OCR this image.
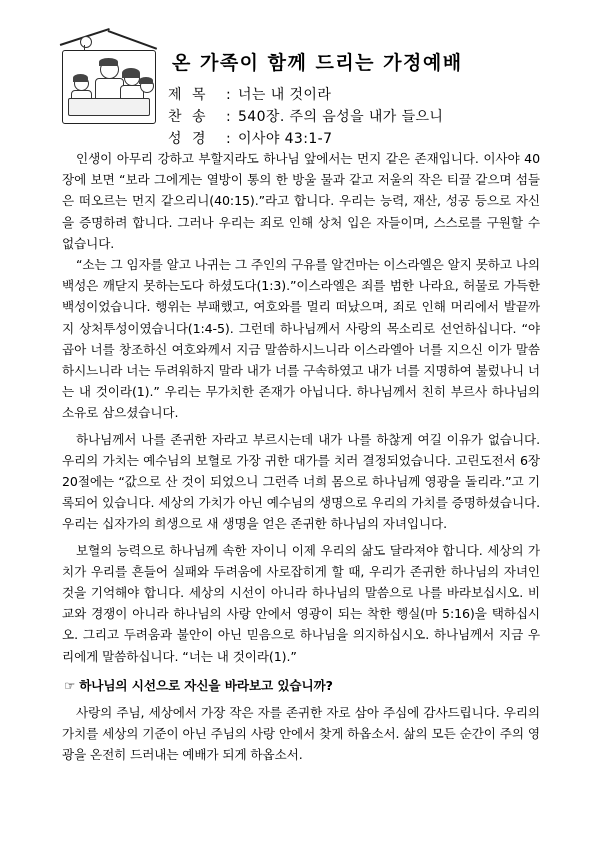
온 가족이 함께 드리는 가정예배
제 목	: 너는 내 것이라
찬 송	: 540장. 주의 음성을 내가 들으니
성 경	: 이사야 43:1-7

인생이 아무리 강하고 부할지라도 하나님 앞에서는 먼지 같은 존재입니다. 이사야 40장에 보면 “보라 그에게는 열방이 통의 한 방울 물과 같고 저울의 작은 티끌 같으며 섬들은 떠오르는 먼지 같으리니(40:15).”라고 합니다. 우리는 능력, 재산, 성공 등으로 자신을 증명하려 합니다. 그러나 우리는 죄로 인해 상처 입은 자들이며, 스스로를 구원할 수 없습니다.

“소는 그 임자를 알고 나귀는 그 주인의 구유를 알건마는 이스라엘은 알지 못하고 나의 백성은 깨닫지 못하는도다 하셨도다(1:3).”이스라엘은 죄를 범한 나라요, 허물로 가득한 백성이었습니다. 행위는 부패했고, 여호와를 멀리 떠났으며, 죄로 인해 머리에서 발끝까지 상처투성이였습니다(1:4-5). 그런데 하나님께서 사랑의 목소리로 선언하십니다. “야곱아 너를 창조하신 여호와께서 지금 말씀하시느니라 이스라엘아 너를 지으신 이가 말씀하시느니라 너는 두려워하지 말라 내가 너를 구속하였고 내가 너를 지명하여 불렀나니 너는 내 것이라(1).” 우리는 무가치한 존재가 아닙니다. 하나님께서 친히 부르사 하나님의 소유로 삼으셨습니다.

하나님께서 나를 존귀한 자라고 부르시는데 내가 나를 하찮게 여길 이유가 없습니다. 우리의 가치는 예수님의 보혈로 가장 귀한 대가를 치러 결정되었습니다. 고린도전서 6장 20절에는 “값으로 산 것이 되었으니 그런즉 너희 몸으로 하나님께 영광을 돌리라.”고 기록되어 있습니다. 세상의 가치가 아닌 예수님의 생명으로 우리의 가치를 증명하셨습니다. 우리는 십자가의 희생으로 새 생명을 얻은 존귀한 하나님의 자녀입니다.

보혈의 능력으로 하나님께 속한 자이니 이제 우리의 삶도 달라져야 합니다. 세상의 가치가 우리를 흔들어 실패와 두려움에 사로잡히게 할 때, 우리가 존귀한 하나님의 자녀인 것을 기억해야 합니다. 세상의 시선이 아니라 하나님의 말씀으로 나를 바라보십시오. 비교와 경쟁이 아니라 하나님의 사랑 안에서 영광이 되는 착한 행실(마 5:16)을 택하십시오. 그리고 두려움과 불안이 아닌 믿음으로 하나님을 의지하십시오. 하나님께서 지금 우리에게 말씀하십니다. “너는 내 것이라(1).”

☞ 하나님의 시선으로 자신을 바라보고 있습니까?

사랑의 주님, 세상에서 가장 작은 자를 존귀한 자로 삼아 주심에 감사드립니다. 우리의 가치를 세상의 기준이 아닌 주님의 사랑 안에서 찾게 하옵소서. 삶의 모든 순간이 주의 영광을 온전히 드러내는 예배가 되게 하옵소서.
